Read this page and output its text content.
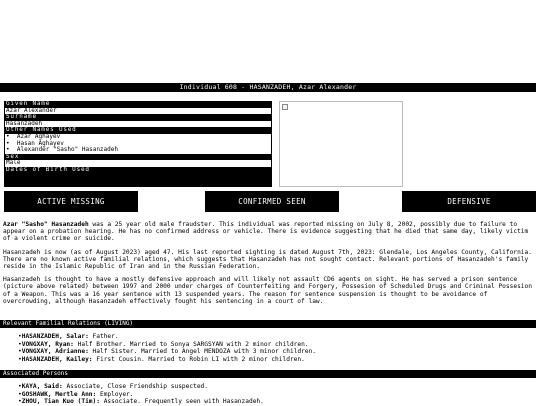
Individual 608 - HASANZADEH, Azar Alexander
Given Name
Azar Alexander
Surname
Hasanzadeh
Other Names Used
•  Azar Aghayev
•  Hasan Aghayev
•  Alexander "Sasho" Hasanzadeh
Sex
Male
Dates of Birth Used
ACTIVE MISSING	CONFIRMED SEEN	DEFENSIVE

Azar "Sasho" Hasanzadeh was a 25 year old male fraudster. This individual was reported missing on July 8, 2002, possibly due to failure to appear on a probation hearing. He has no confirmed address or vehicle. There is evidence suggesting that he died that same day, likely victim of a violent crime or suicide.

Hasanzadeh is now (as of August 2023) aged 47. His last reported sighting is dated August 7th, 2023: Glendale, Los Angeles County, California. There are no known active familial relations, which suggests that Hasanzadeh has not sought contact. Relevant portions of Hasanzadeh's family reside in the Islamic Republic of Iran and in the Russian Federation.

Hasanzadeh is thought to have a mostly defensive approach and will likely not assault CD6 agents on sight. He has served a prison sentence (picture above related) between 1997 and 2000 under charges of Counterfeiting and Forgery, Possesion of Scheduled Drugs and Criminal Possesion of a Weapon. This was a 16 year sentence with 13 suspended years. The reason for sentence suspension is thought to be avoidance of overcrowding, although Hasanzadeh effectively fought his sentencing in a court of law.

Relevant Familial Relations (LIVING)
• HASANZADEH, Salar: Father.
• VONGXAY, Ryan: Half Brother. Married to Sonya SARGSYAN with 2 minor children.
• VONGXAY, Adrianne: Half Sister. Married to Angel MENDOZA with 3 minor children.
• HASANZADEH, Kailey: First Cousin. Married to Robin LI with 2 minor children.
Associated Persons
• KAYA, Said: Associate, Close Friendship suspected.
• GOSHAWK, Mertle Ann: Employer.
• ZHOU, Tian Kuo (Tim): Associate. Frequently seen with Hasanzadeh.
